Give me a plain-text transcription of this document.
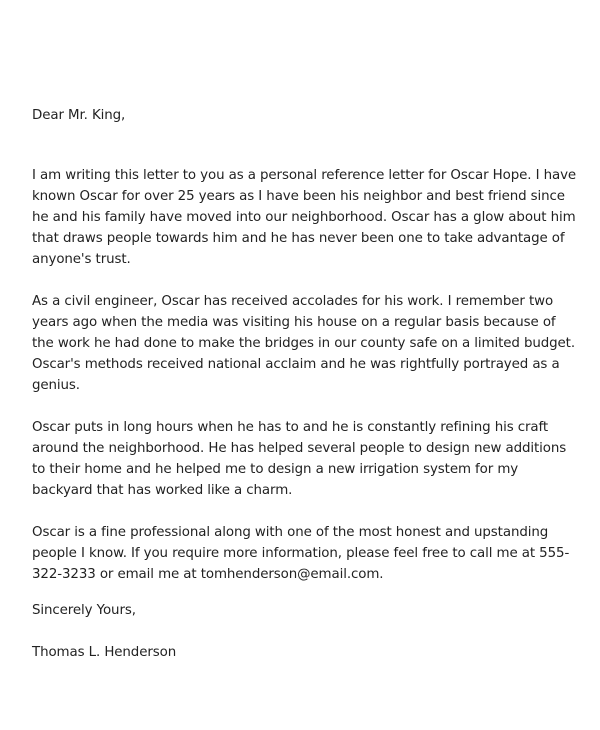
Dear Mr. King,

I am writing this letter to you as a personal reference letter for Oscar Hope. I have known Oscar for over 25 years as I have been his neighbor and best friend since he and his family have moved into our neighborhood. Oscar has a glow about him that draws people towards him and he has never been one to take advantage of anyone's trust.

As a civil engineer, Oscar has received accolades for his work. I remember two years ago when the media was visiting his house on a regular basis because of the work he had done to make the bridges in our county safe on a limited budget. Oscar's methods received national acclaim and he was rightfully portrayed as a genius.

Oscar puts in long hours when he has to and he is constantly refining his craft around the neighborhood. He has helped several people to design new additions to their home and he helped me to design a new irrigation system for my backyard that has worked like a charm.

Oscar is a fine professional along with one of the most honest and upstanding people I know. If you require more information, please feel free to call me at 555-322-3233 or email me at tomhenderson@email.com.

Sincerely Yours,

Thomas L. Henderson
